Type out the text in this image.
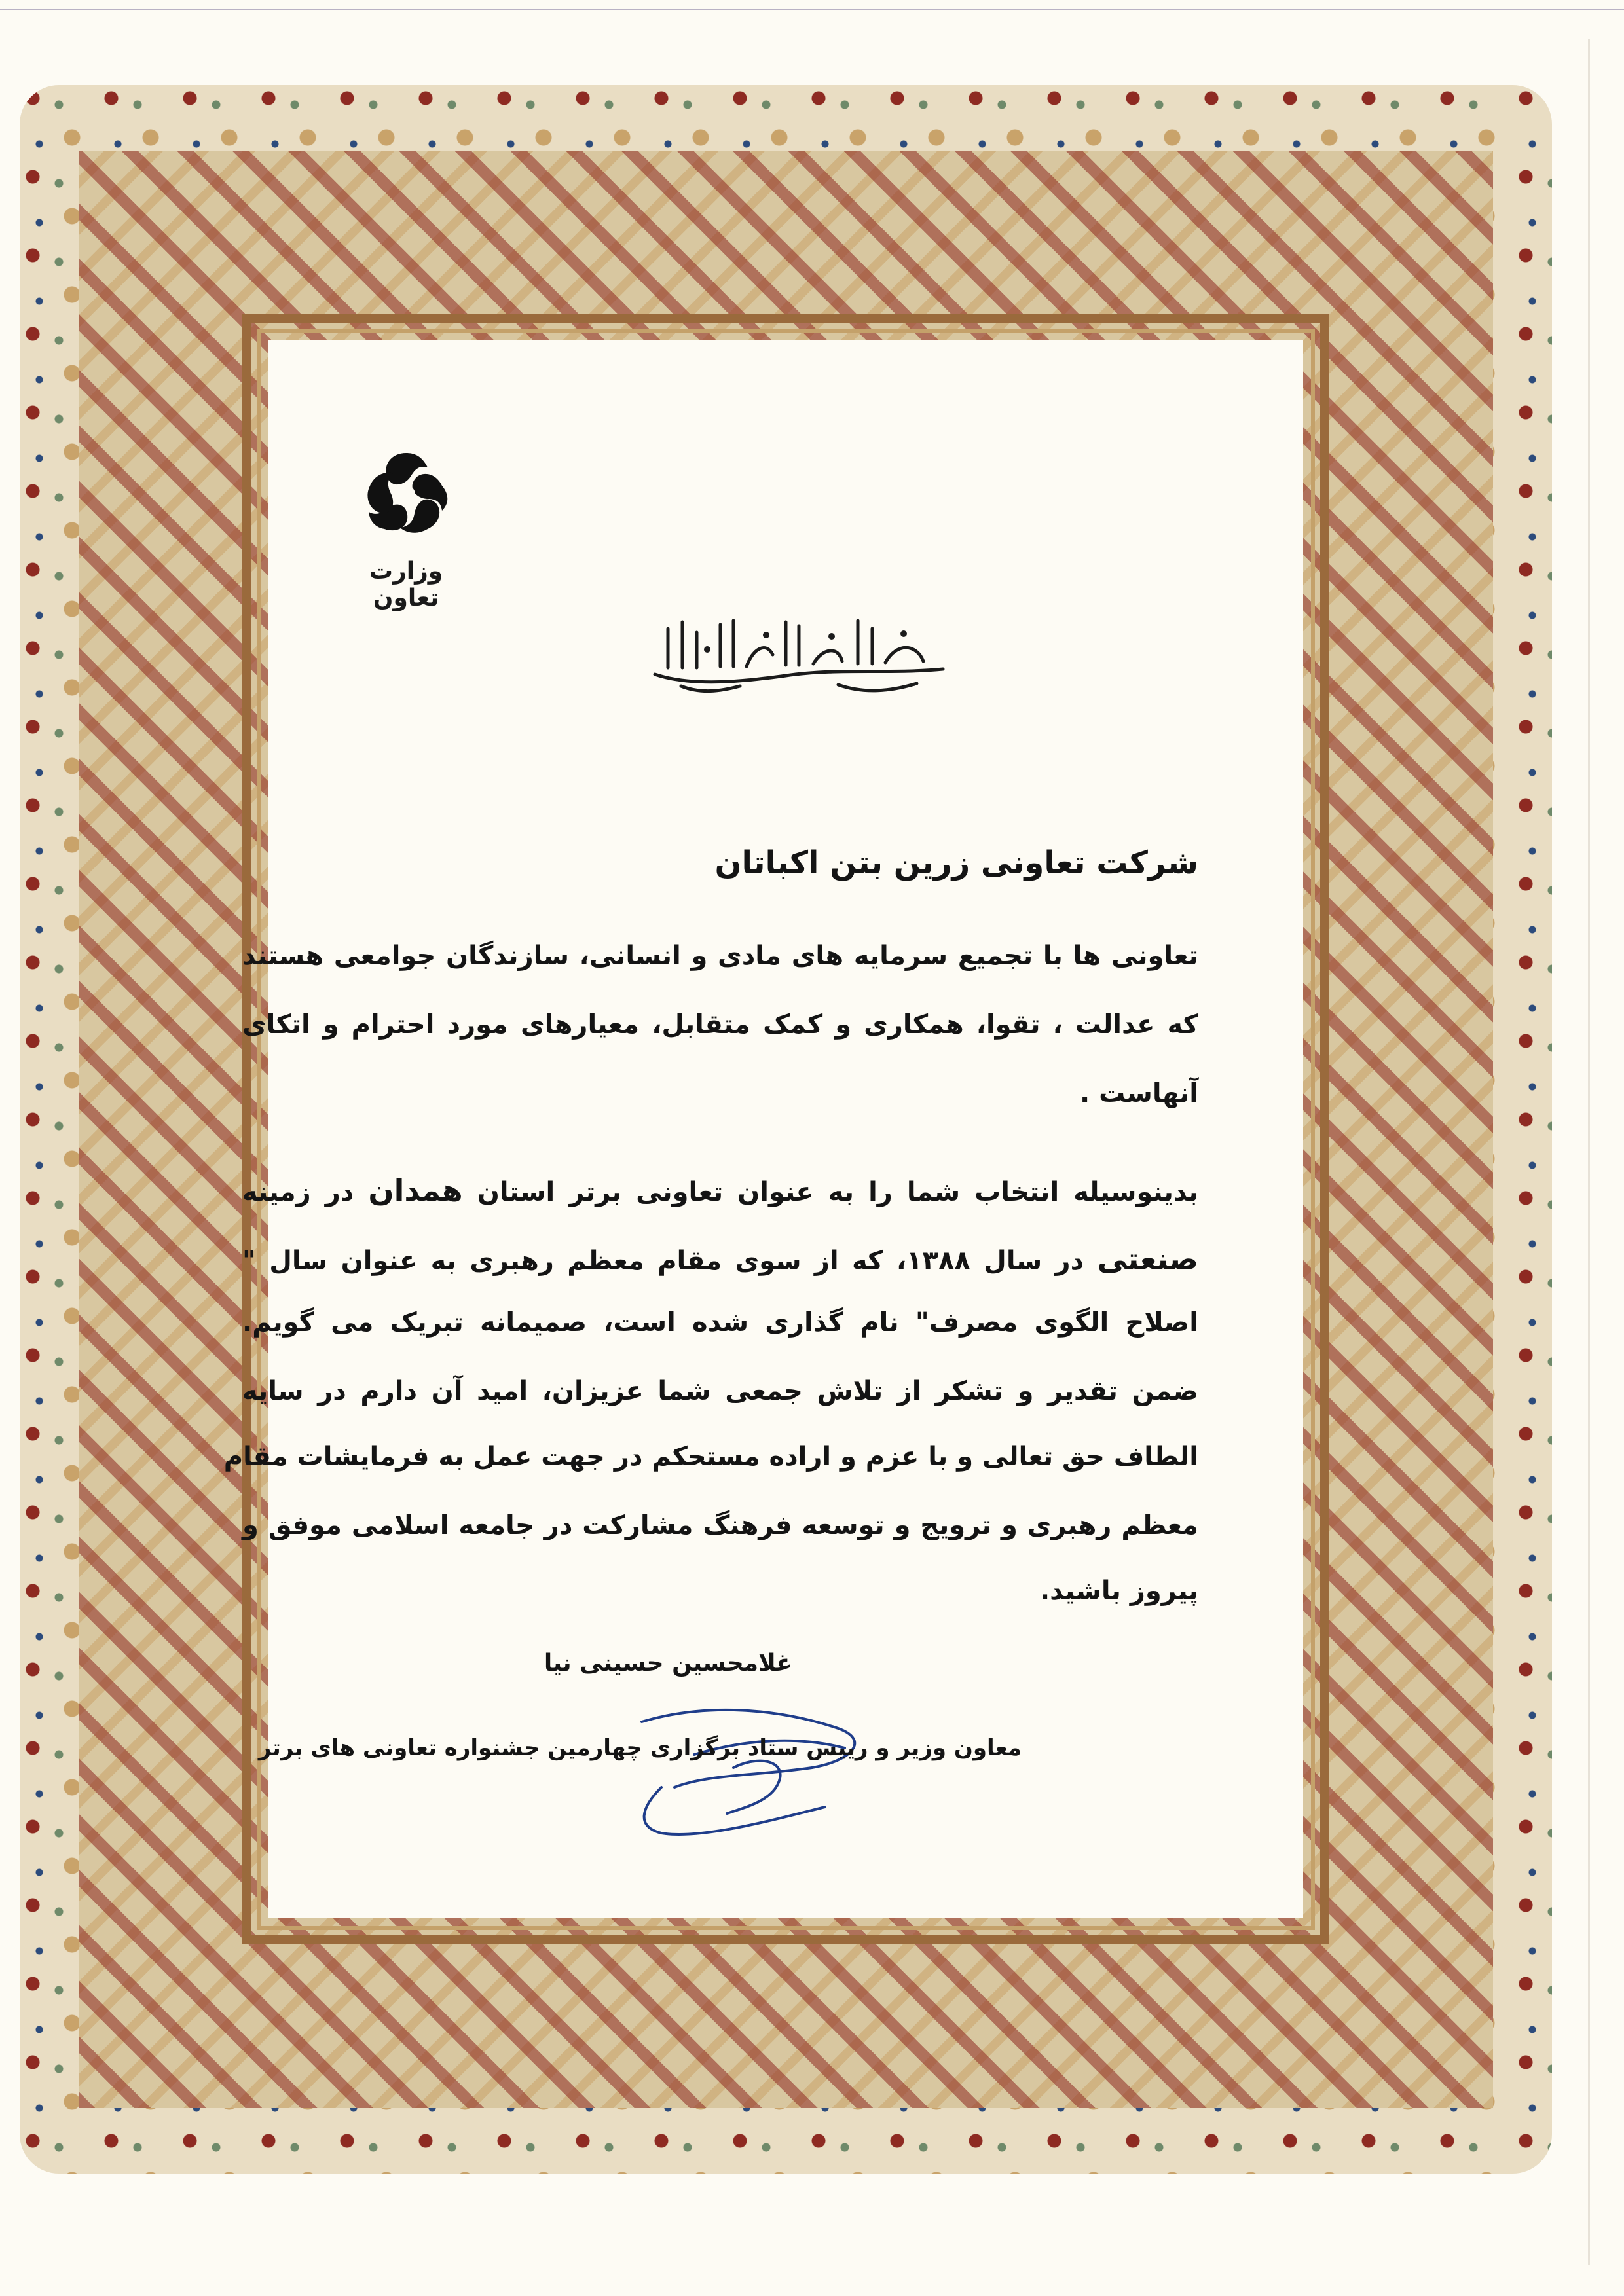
وزارت تعاون
بسم الله الرحمن الرحيم
شرکت تعاونی زرین بتن اکباتان
تعاونی ها با تجمیع سرمایه های مادی و انسانی، سازندگان جوامعی هستند
که عدالت ، تقوا، همکاری و کمک متقابل، معیارهای مورد احترام و اتکای
آنهاست .
بدینوسیله انتخاب شما را به عنوان تعاونی برتر استان همدان در زمینه
صنعتی در سال ۱۳۸۸، که از سوی مقام معظم رهبری به عنوان سال "
اصلاح الگوی مصرف" نام گذاری شده است، صمیمانه تبریک می گویم.
ضمن تقدیر و تشکر از تلاش جمعی شما عزیزان، امید آن دارم در سایه
الطاف حق تعالی و با عزم و اراده مستحکم در جهت عمل به فرمایشات مقام
معظم رهبری و ترویج و توسعه فرهنگ مشارکت در جامعه اسلامی موفق و
پیروز باشید.
غلامحسین حسینی نیا
معاون وزیر و رییس ستاد برگزاری چهارمین جشنواره تعاونی های برتر
